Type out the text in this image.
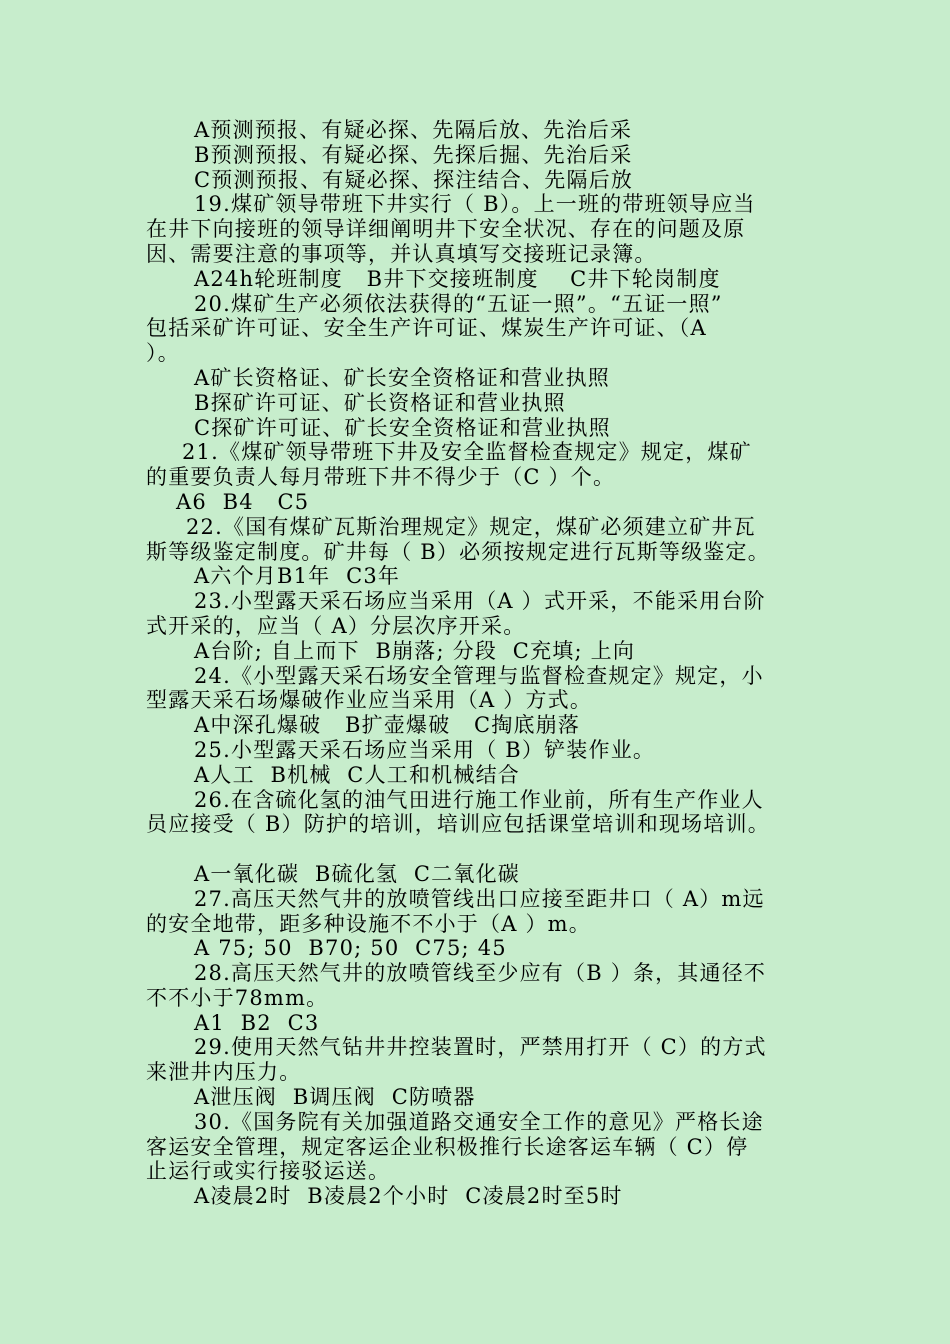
A预测预报、有疑必探、先隔后放、先治后采
B预测预报、有疑必探、先探后掘、先治后采
C预测预报、有疑必探、探注结合、先隔后放
19.煤矿领导带班下井实行（ B）。上一班的带班领导应当
在井下向接班的领导详细阐明井下安全状况、存在的问题及原
因、需要注意的事项等，并认真填写交接班记录簿。
A24h轮班制度   B井下交接班制度    C井下轮岗制度
20.煤矿生产必须依法获得的“五证一照”。“五证一照”
包括采矿许可证、安全生产许可证、煤炭生产许可证、（A
）。
A矿长资格证、矿长安全资格证和营业执照
B探矿许可证、矿长资格证和营业执照
C探矿许可证、矿长安全资格证和营业执照
21.《煤矿领导带班下井及安全监督检查规定》规定，煤矿
的重要负责人每月带班下井不得少于（C ）个。
A6  B4   C5
22.《国有煤矿瓦斯治理规定》规定，煤矿必须建立矿井瓦
斯等级鉴定制度。矿井每（ B）必须按规定进行瓦斯等级鉴定。
A六个月B1年  C3年
23.小型露天采石场应当采用（A ）式开采，不能采用台阶
式开采的，应当（ A）分层次序开采。
A台阶; 自上而下  B崩落; 分段  C充填; 上向
24.《小型露天采石场安全管理与监督检查规定》规定，小
型露天采石场爆破作业应当采用（A ）方式。
A中深孔爆破   B扩壶爆破   C掏底崩落
25.小型露天采石场应当采用（ B）铲装作业。
A人工  B机械  C人工和机械结合
26.在含硫化氢的油气田进行施工作业前，所有生产作业人
员应接受（ B）防护的培训，培训应包括课堂培训和现场培训。
A一氧化碳  B硫化氢  C二氧化碳
27.高压天然气井的放喷管线出口应接至距井口（ A）m远
的安全地带，距多种设施不不小于（A ）m。
A 75; 50  B70; 50  C75; 45
28.高压天然气井的放喷管线至少应有（B ）条，其通径不
不不小于78mm。
A1  B2  C3
29.使用天然气钻井井控装置时，严禁用打开（ C）的方式
来泄井内压力。
A泄压阀  B调压阀  C防喷器
30.《国务院有关加强道路交通安全工作的意见》严格长途
客运安全管理，规定客运企业积极推行长途客运车辆（ C）停
止运行或实行接驳运送。
A凌晨2时  B凌晨2个小时  C凌晨2时至5时
